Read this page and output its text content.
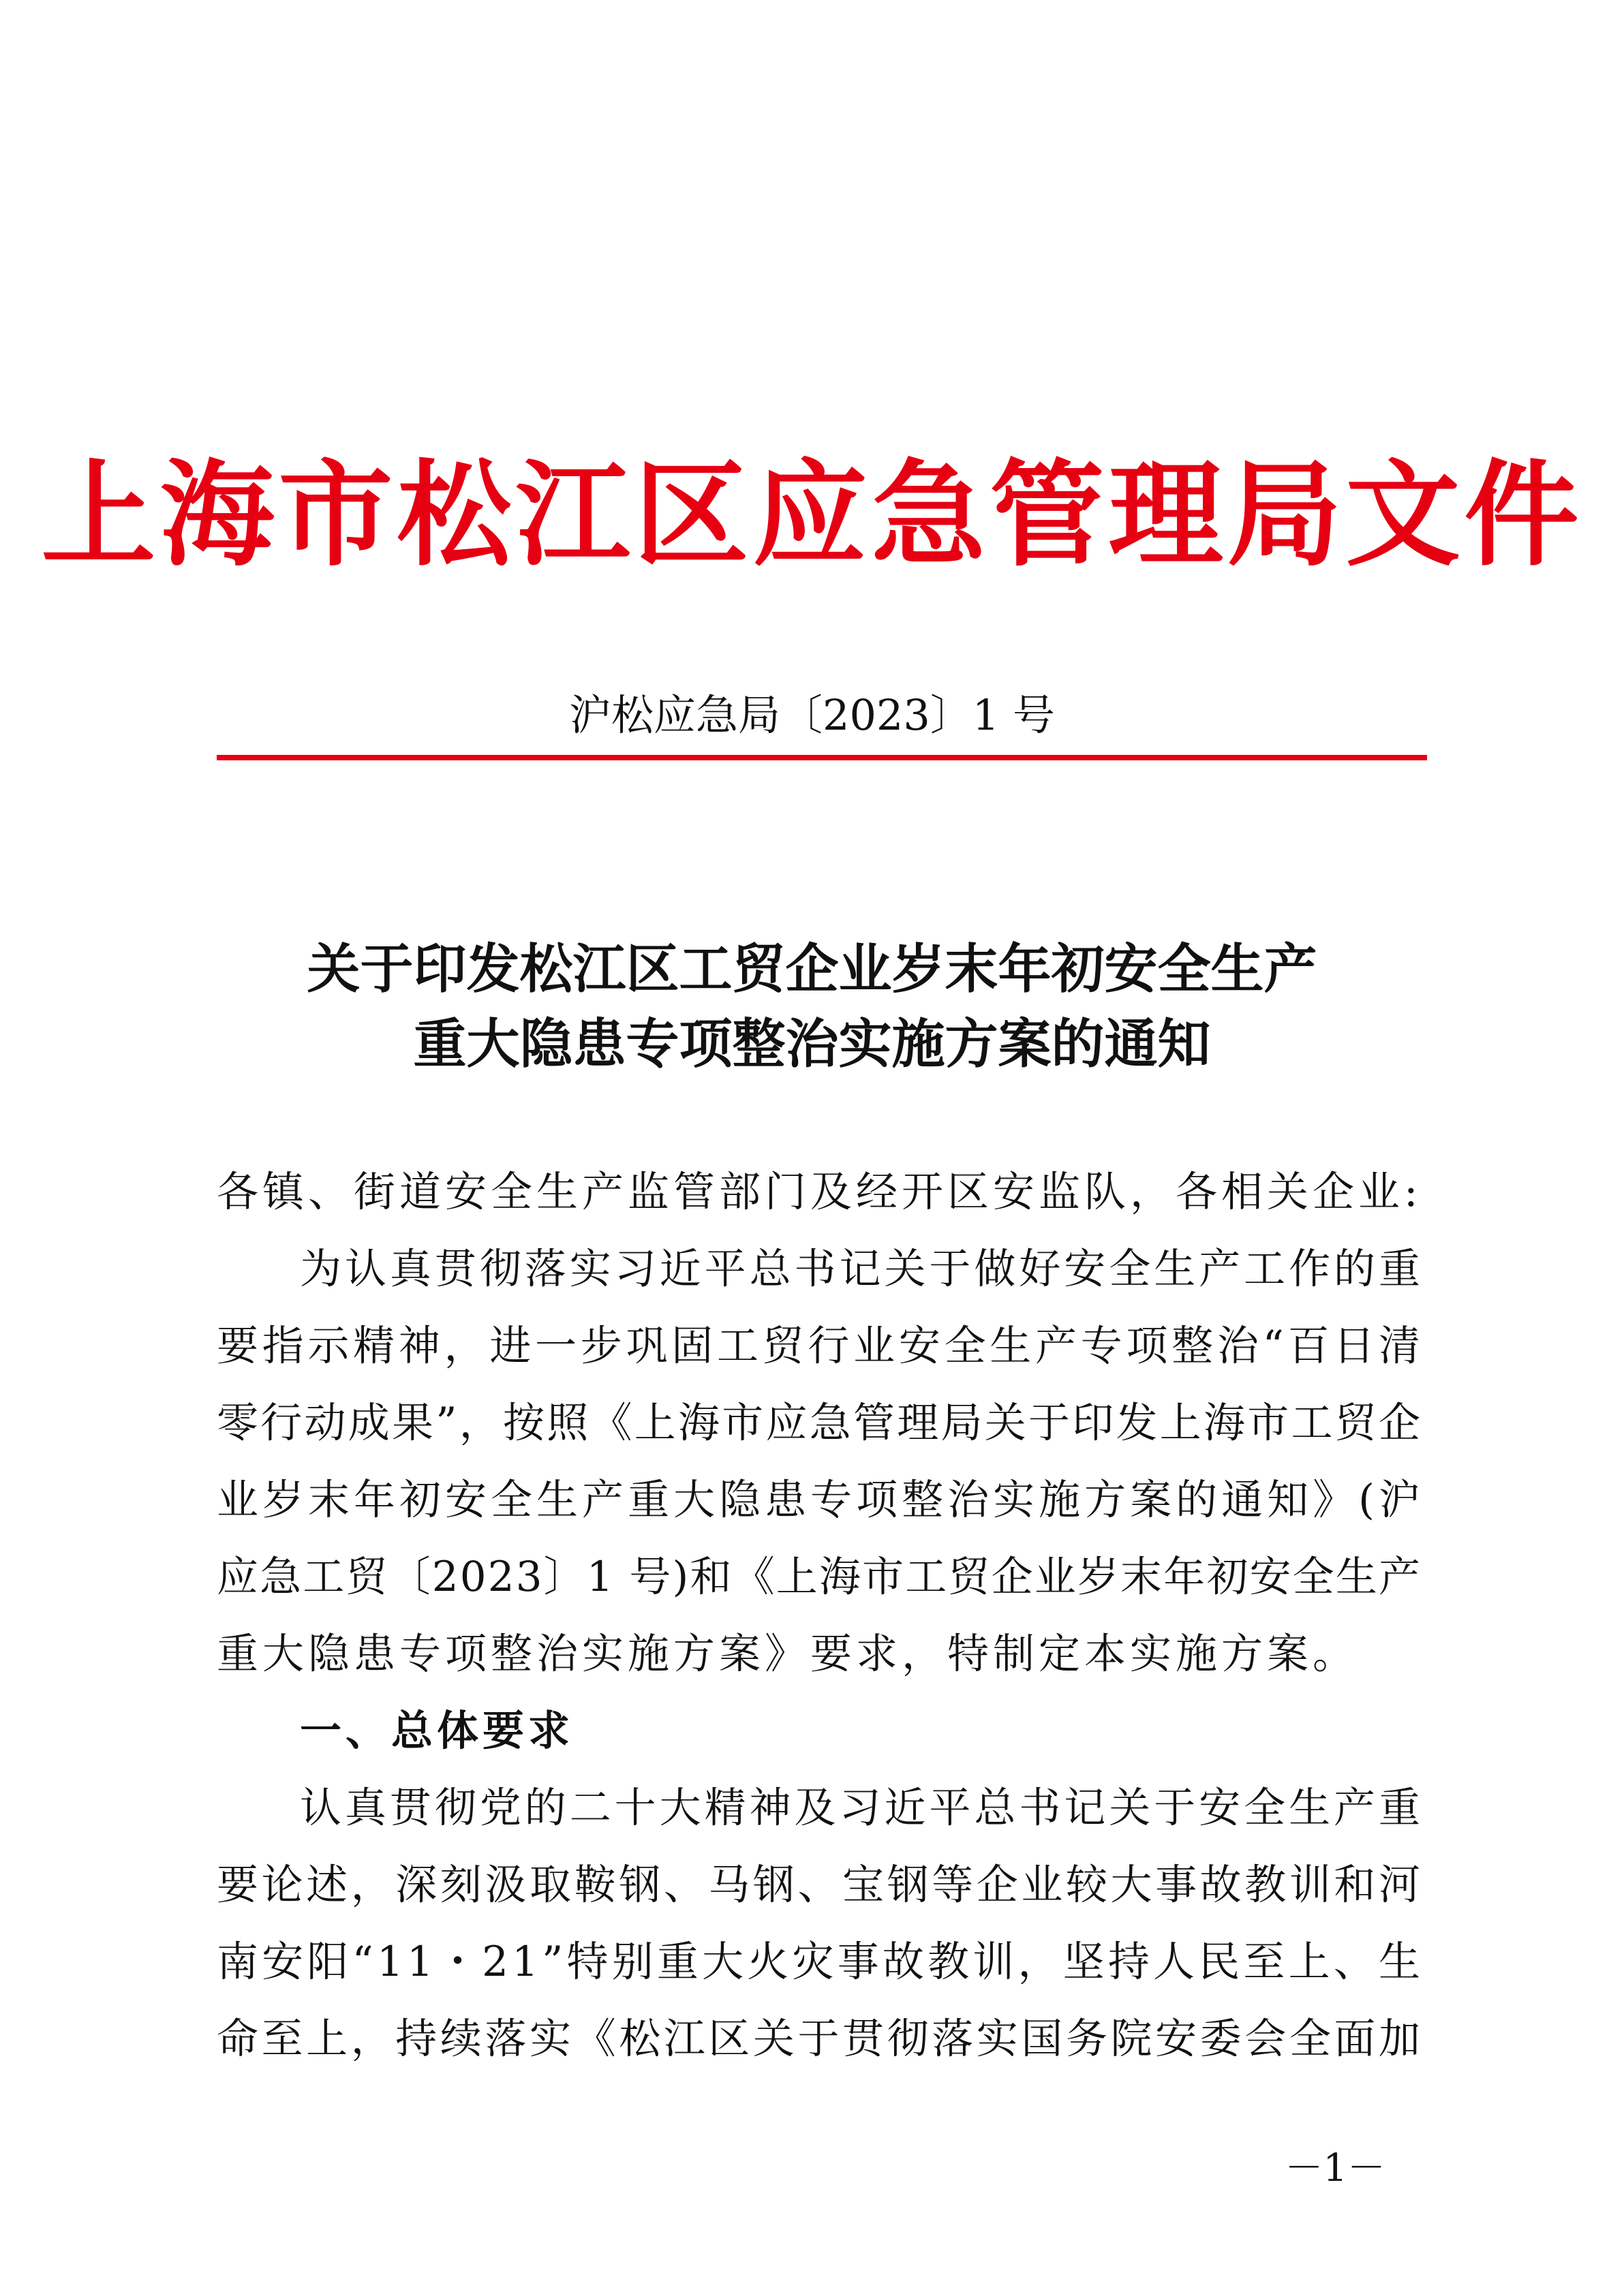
上海市松江区应急管理局文件
沪松应急局〔2023〕1 号
关于印发松江区工贸企业岁末年初安全生产
重大隐患专项整治实施方案的通知
各镇、街道安全生产监管部门及经开区安监队，各相关企业:
为认真贯彻落实习近平总书记关于做好安全生产工作的重
要指示精神，进一步巩固工贸行业安全生产专项整治“百日清
零行动成果”，按照《上海市应急管理局关于印发上海市工贸企
业岁末年初安全生产重大隐患专项整治实施方案的通知》(沪
应急工贸〔2023〕1 号)和《上海市工贸企业岁末年初安全生产
重大隐患专项整治实施方案》要求，特制定本实施方案。
一、总体要求
认真贯彻党的二十大精神及习近平总书记关于安全生产重
要论述，深刻汲取鞍钢、马钢、宝钢等企业较大事故教训和河
南安阳“11・21”特别重大火灾事故教训，坚持人民至上、生
命至上，持续落实《松江区关于贯彻落实国务院安委会全面加
－1－
